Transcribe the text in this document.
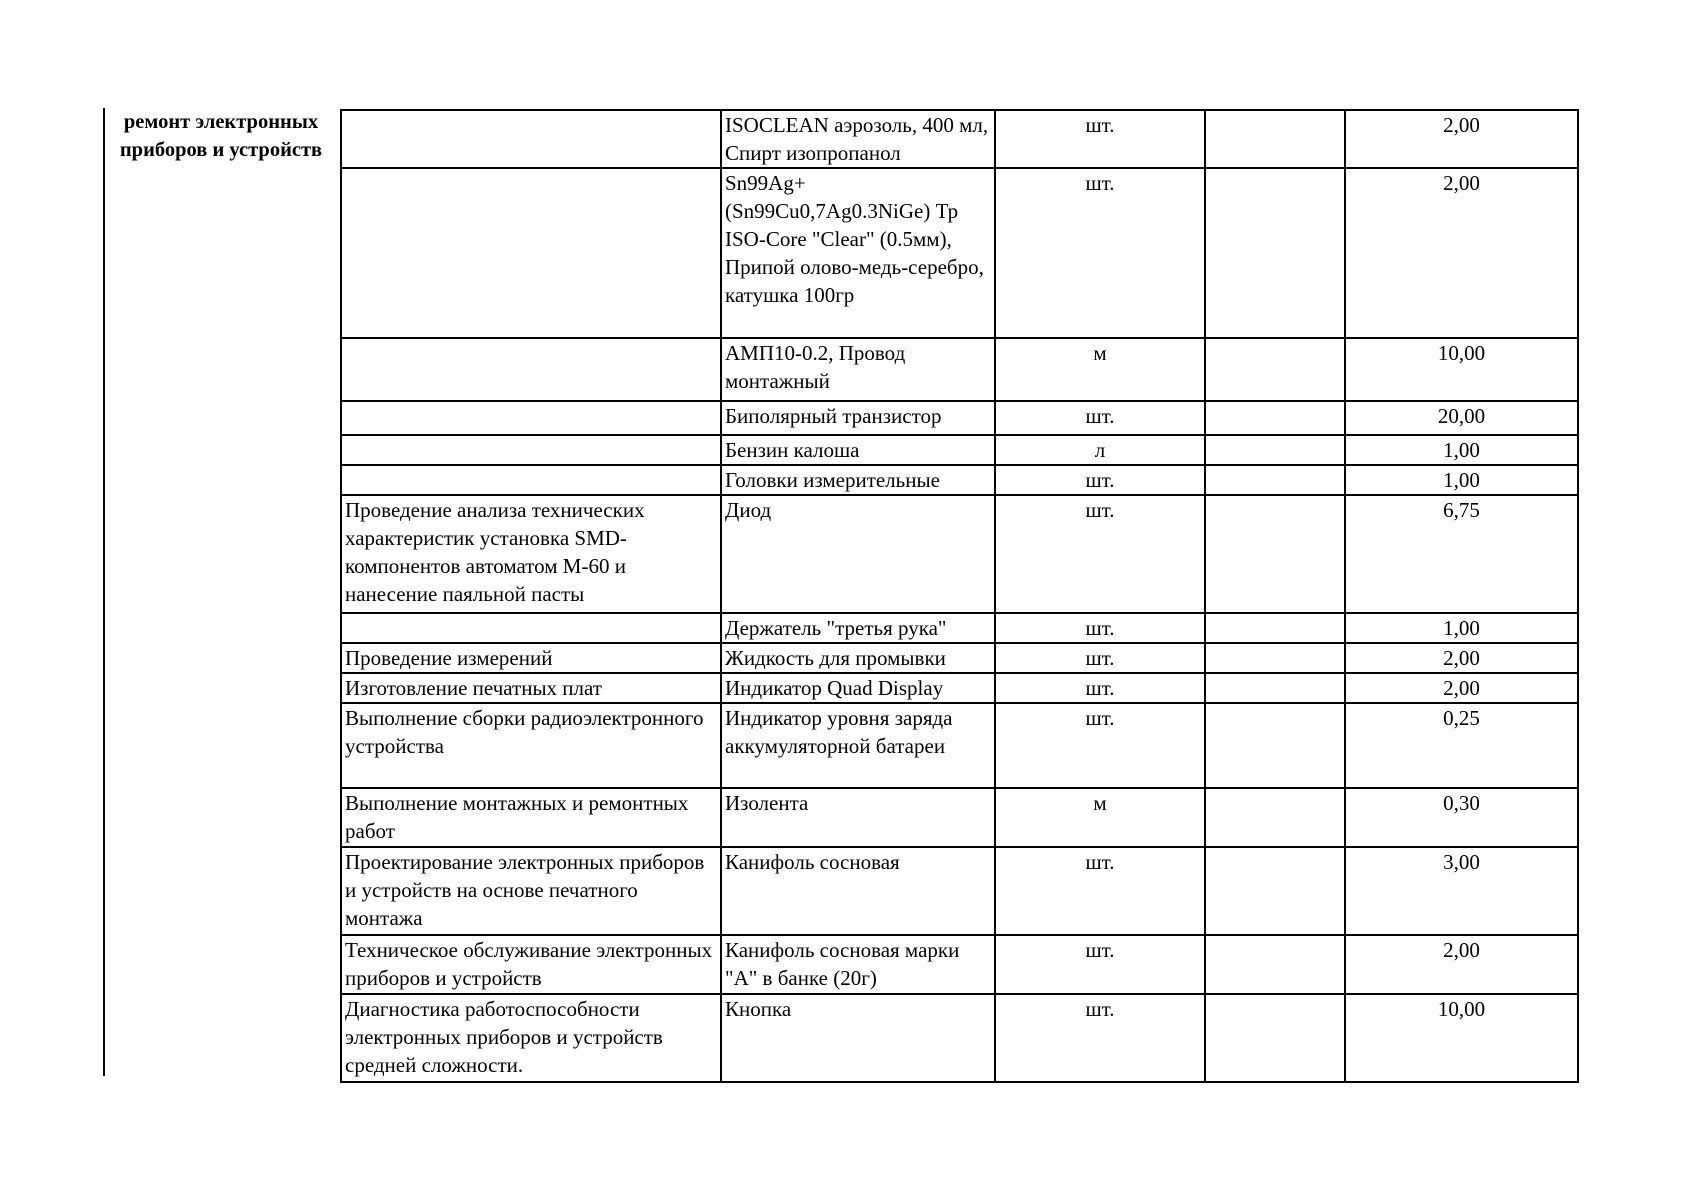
ремонт электронных
приборов и устройств
	ISOCLEAN аэрозоль, 400 мл, Спирт изопропанол	шт.		2,00
	Sn99Ag+ (Sn99Cu0,7Ag0.3NiGe) Тр ISO-Core "Clear" (0.5мм), Припой олово-медь-серебро, катушка 100гр	шт.		2,00
	АМП10-0.2, Провод монтажный	м		10,00
	Биполярный транзистор	шт.		20,00
	Бензин калоша	л		1,00
	Головки измерительные	шт.		1,00
Проведение анализа технических характеристик установка SMD-компонентов автоматом М-60 и нанесение паяльной пасты	Диод	шт.		6,75
	Держатель "третья рука"	шт.		1,00
Проведение измерений	Жидкость для промывки	шт.		2,00
Изготовление печатных плат	Индикатор Quad Display	шт.		2,00
Выполнение сборки радиоэлектронного устройства	Индикатор уровня заряда аккумуляторной батареи	шт.		0,25
Выполнение монтажных и ремонтных работ	Изолента	м		0,30
Проектирование электронных приборов и устройств на основе печатного монтажа	Канифоль сосновая	шт.		3,00
Техническое обслуживание электронных приборов и устройств	Канифоль сосновая марки "А" в банке (20г)	шт.		2,00
Диагностика работоспособности электронных приборов и устройств средней сложности.	Кнопка	шт.		10,00
